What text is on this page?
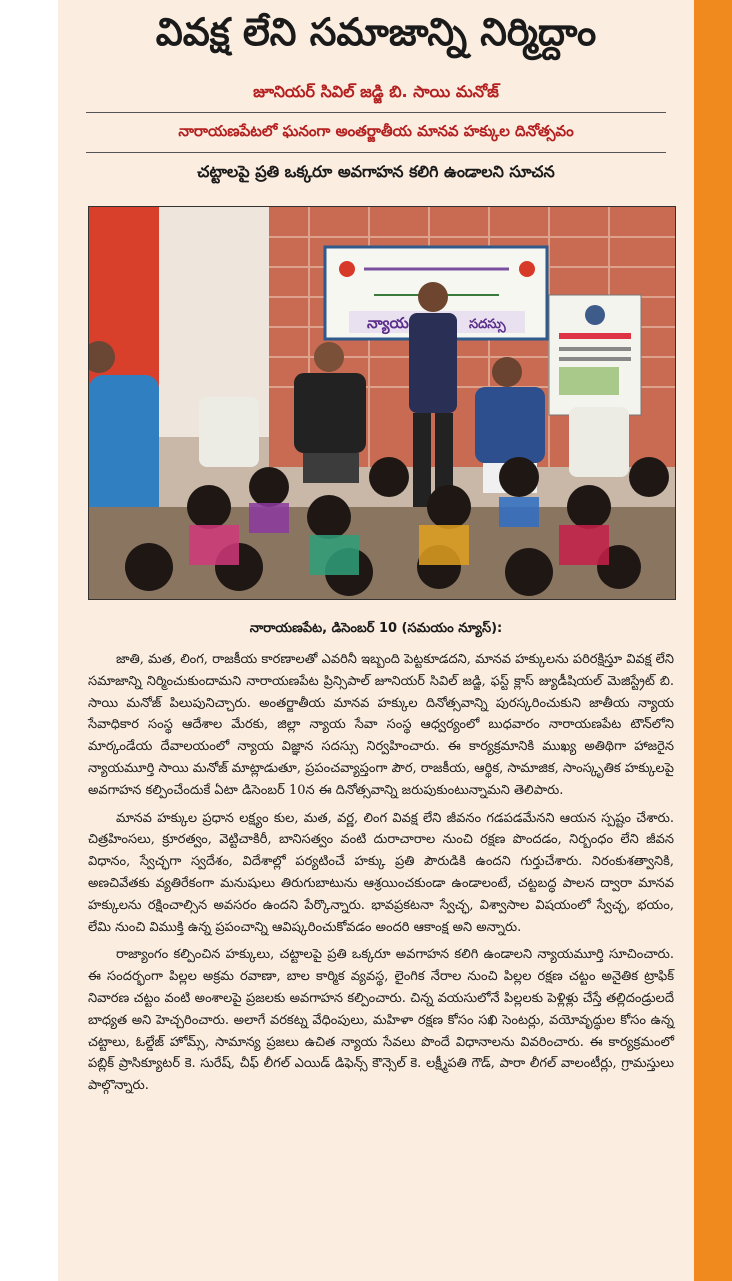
వివక్ష లేని సమాజాన్ని నిర్మిద్దాం
జూనియర్ సివిల్ జడ్జి బి. సాయి మనోజ్
నారాయణపేటలో ఘనంగా అంతర్జాతీయ మానవ హక్కుల దినోత్సవం
చట్టాలపై ప్రతి ఒక్కరూ అవగాహన కలిగి ఉండాలని సూచన
న్యాయ	సదస్సు
నారాయణపేట, డిసెంబర్ 10 (సమయం న్యూస్):

జాతి, మత, లింగ, రాజకీయ కారణాలతో ఎవరినీ ఇబ్బంది పెట్టకూడదని, మానవ హక్కులను పరిరక్షిస్తూ వివక్ష లేని సమాజాన్ని నిర్మించుకుందామని నారాయణపేట ప్రిన్సిపాల్ జూనియర్ సివిల్ జడ్జి, ఫస్ట్ క్లాస్ జ్యుడీషియల్ మెజిస్ట్రేట్ బి. సాయి మనోజ్ పిలుపునిచ్చారు. అంతర్జాతీయ మానవ హక్కుల దినోత్సవాన్ని పురస్కరించుకుని జాతీయ న్యాయ సేవాధికార సంస్థ ఆదేశాల మేరకు, జిల్లా న్యాయ సేవా సంస్థ ఆధ్వర్యంలో బుధవారం నారాయణపేట టౌన్‌లోని మార్కండేయ దేవాలయంలో న్యాయ విజ్ఞాన సదస్సు నిర్వహించారు. ఈ కార్యక్రమానికి ముఖ్య అతిథిగా హాజరైన న్యాయమూర్తి సాయి మనోజ్ మాట్లాడుతూ, ప్రపంచవ్యాప్తంగా పౌర, రాజకీయ, ఆర్థిక, సామాజిక, సాంస్కృతిక హక్కులపై అవగాహన కల్పించేందుకే ఏటా డిసెంబర్ 10న ఈ దినోత్సవాన్ని జరుపుకుంటున్నామని తెలిపారు.

మానవ హక్కుల ప్రధాన లక్ష్యం కుల, మత, వర్ణ, లింగ వివక్ష లేని జీవనం గడపడమేనని ఆయన స్పష్టం చేశారు. చిత్రహింసలు, క్రూరత్వం, వెట్టిచాకిరీ, బానిసత్వం వంటి దురాచారాల నుంచి రక్షణ పొందడం, నిర్బంధం లేని జీవన విధానం, స్వేచ్ఛగా స్వదేశం, విదేశాల్లో పర్యటించే హక్కు ప్రతి పౌరుడికి ఉందని గుర్తుచేశారు. నిరంకుశత్వానికి, అణచివేతకు వ్యతిరేకంగా మనుషులు తిరుగుబాటును ఆశ్రయించకుండా ఉండాలంటే, చట్టబద్ధ పాలన ద్వారా మానవ హక్కులను రక్షించాల్సిన అవసరం ఉందని పేర్కొన్నారు. భావప్రకటనా స్వేచ్ఛ, విశ్వాసాల విషయంలో స్వేచ్ఛ, భయం, లేమి నుంచి విముక్తి ఉన్న ప్రపంచాన్ని ఆవిష్కరించుకోవడం అందరి ఆకాంక్ష అని అన్నారు.

రాజ్యాంగం కల్పించిన హక్కులు, చట్టాలపై ప్రతి ఒక్కరూ అవగాహన కలిగి ఉండాలని న్యాయమూర్తి సూచించారు. ఈ సందర్భంగా పిల్లల అక్రమ రవాణా, బాల కార్మిక వ్యవస్థ, లైంగిక నేరాల నుంచి పిల్లల రక్షణ చట్టం అనైతిక ట్రాఫిక్ నివారణ చట్టం వంటి అంశాలపై ప్రజలకు అవగాహన కల్పించారు. చిన్న వయసులోనే పిల్లలకు పెళ్లిళ్లు చేస్తే తల్లిదండ్రులదే బాధ్యత అని హెచ్చరించారు. అలాగే వరకట్న వేధింపులు, మహిళా రక్షణ కోసం సఖి సెంటర్లు, వయోవృద్ధుల కోసం ఉన్న చట్టాలు, ఓల్డేజ్ హోమ్స్, సామాన్య ప్రజలు ఉచిత న్యాయ సేవలు పొందే విధానాలను వివరించారు. ఈ కార్యక్రమంలో పబ్లిక్ ప్రాసిక్యూటర్ కె. సురేష్, చీఫ్ లీగల్ ఎయిడ్ డిఫెన్స్ కౌన్సెల్ కె. లక్ష్మీపతి గౌడ్, పారా లీగల్ వాలంటీర్లు, గ్రామస్తులు పాల్గొన్నారు.
